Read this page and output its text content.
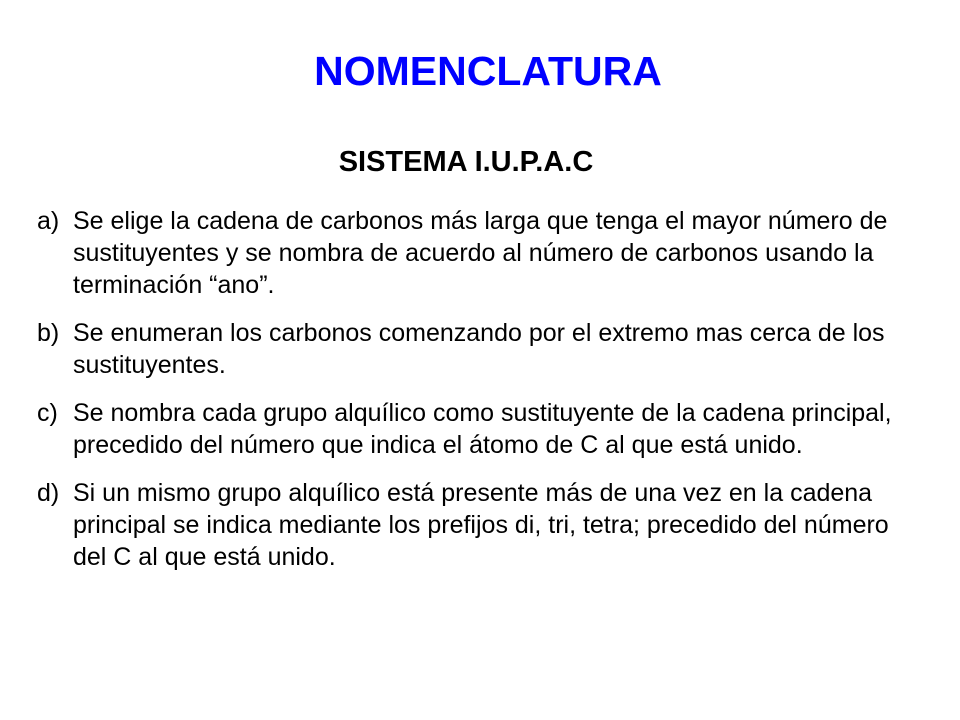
NOMENCLATURA
SISTEMA I.U.P.A.C
a) Se elige la cadena de carbonos más larga que tenga el mayor número de sustituyentes y se nombra de acuerdo al número de carbonos usando la terminación “ano”.
b) Se enumeran los carbonos comenzando por el extremo mas cerca de los sustituyentes.
c) Se nombra cada grupo alquílico como sustituyente de la cadena principal, precedido del número que indica el átomo de C al que está unido.
d) Si un mismo grupo alquílico está presente más de una vez en la cadena principal se indica mediante los prefijos di, tri, tetra; precedido del número del C al que está unido.
